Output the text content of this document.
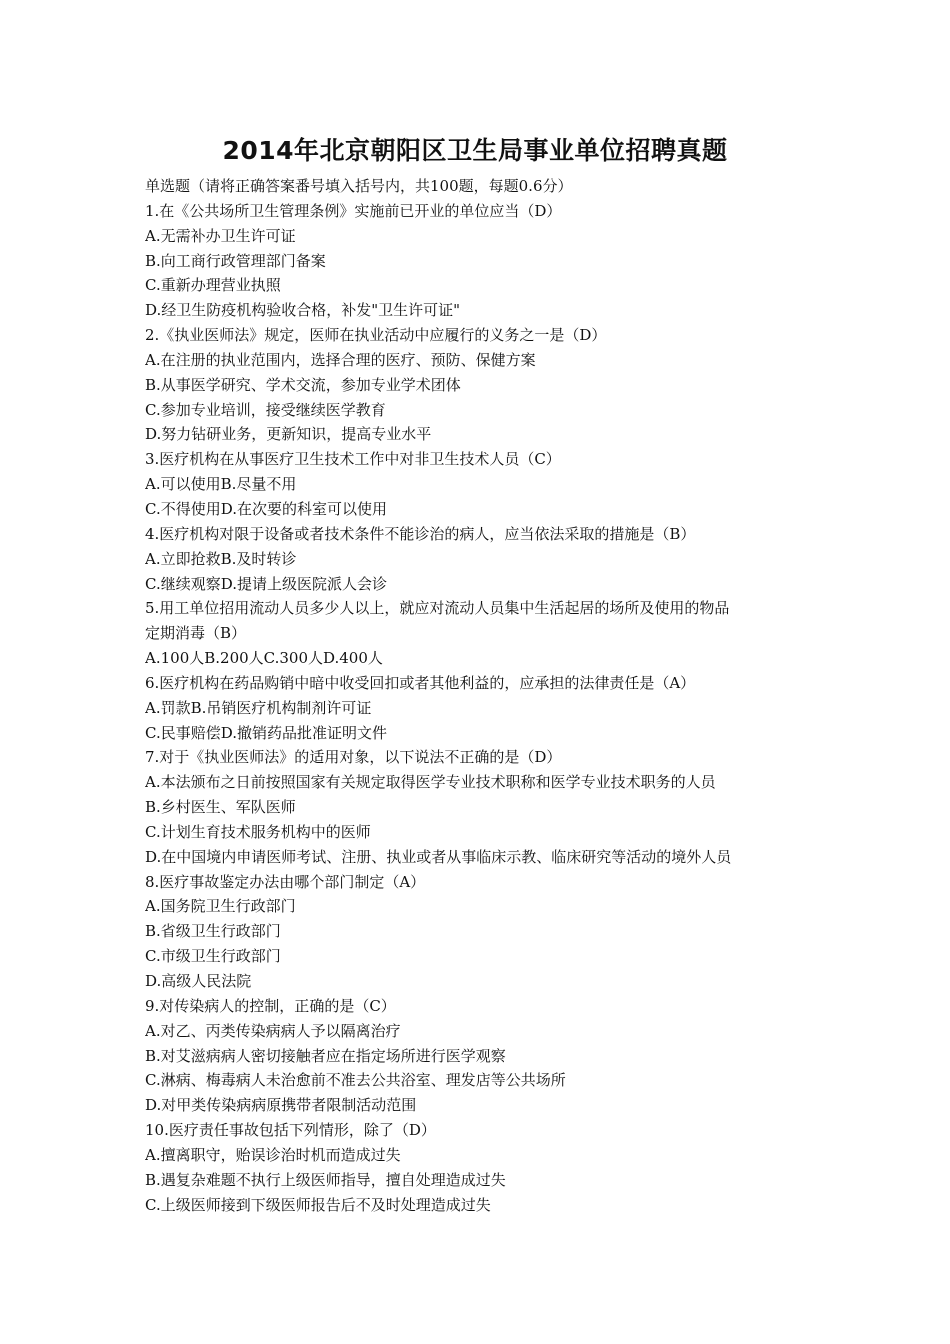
2014年北京朝阳区卫生局事业单位招聘真题
单选题（请将正确答案番号填入括号内，共100题，每题0.6分）
1.在《公共场所卫生管理条例》实施前已开业的单位应当（D）
A.无需补办卫生许可证
B.向工商行政管理部门备案
C.重新办理营业执照
D.经卫生防疫机构验收合格，补发"卫生许可证"
2.《执业医师法》规定，医师在执业活动中应履行的义务之一是（D）
A.在注册的执业范围内，选择合理的医疗、预防、保健方案
B.从事医学研究、学术交流，参加专业学术团体
C.参加专业培训，接受继续医学教育
D.努力钻研业务，更新知识，提高专业水平
3.医疗机构在从事医疗卫生技术工作中对非卫生技术人员（C）
A.可以使用B.尽量不用
C.不得使用D.在次要的科室可以使用
4.医疗机构对限于设备或者技术条件不能诊治的病人，应当依法采取的措施是（B）
A.立即抢救B.及时转诊
C.继续观察D.提请上级医院派人会诊
5.用工单位招用流动人员多少人以上，就应对流动人员集中生活起居的场所及使用的物品
定期消毒（B）
A.100人B.200人C.300人D.400人
6.医疗机构在药品购销中暗中收受回扣或者其他利益的，应承担的法律责任是（A）
A.罚款B.吊销医疗机构制剂许可证
C.民事赔偿D.撤销药品批准证明文件
7.对于《执业医师法》的适用对象，以下说法不正确的是（D）
A.本法颁布之日前按照国家有关规定取得医学专业技术职称和医学专业技术职务的人员
B.乡村医生、军队医师
C.计划生育技术服务机构中的医师
D.在中国境内申请医师考试、注册、执业或者从事临床示教、临床研究等活动的境外人员
8.医疗事故鉴定办法由哪个部门制定（A）
A.国务院卫生行政部门
B.省级卫生行政部门
C.市级卫生行政部门
D.高级人民法院
9.对传染病人的控制，正确的是（C）
A.对乙、丙类传染病病人予以隔离治疗
B.对艾滋病病人密切接触者应在指定场所进行医学观察
C.淋病、梅毒病人未治愈前不准去公共浴室、理发店等公共场所
D.对甲类传染病病原携带者限制活动范围
10.医疗责任事故包括下列情形，除了（D）
A.擅离职守，贻误诊治时机而造成过失
B.遇复杂难题不执行上级医师指导，擅自处理造成过失
C.上级医师接到下级医师报告后不及时处理造成过失
